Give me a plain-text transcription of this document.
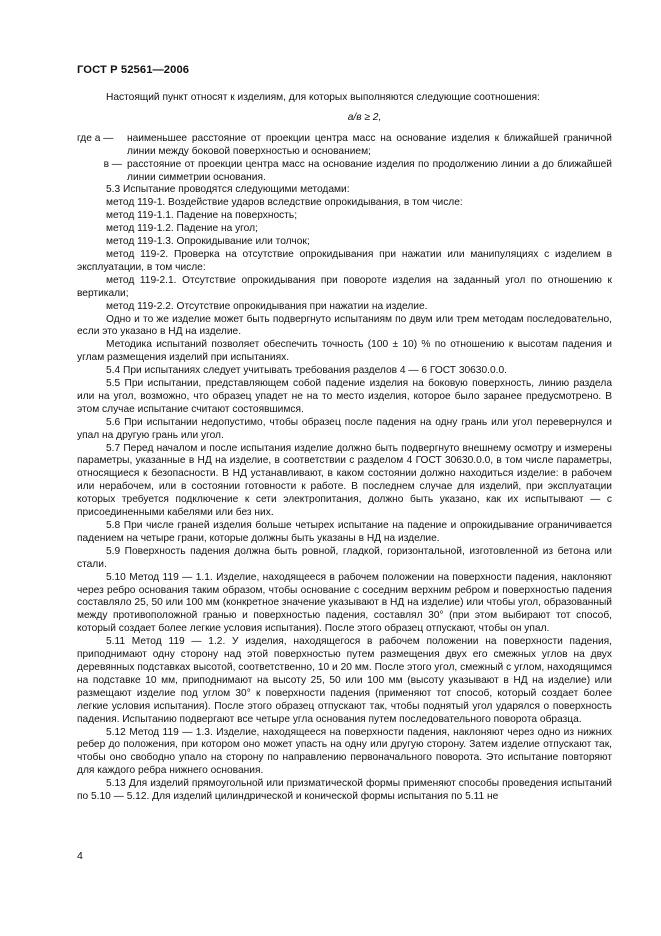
ГОСТ Р 52561—2006

Настоящий пункт относят к изделиям, для которых выполняются следующие соотношения:

a/в ≥ 2,

где а —	наименьшее расстояние от проекции центра масс на основание изделия к ближайшей граничной линии между боковой поверхностью и основанием;
в — расстояние от проекции центра масс на основание изделия по продолжению линии а до ближайшей линии симметрии основания.

5.3 Испытание проводятся следующими методами:

метод 119-1. Воздействие ударов вследствие опрокидывания, в том числе:

метод 119-1.1. Падение на поверхность;

метод 119-1.2. Падение на угол;

метод 119-1.3. Опрокидывание или толчок;

метод 119-2. Проверка на отсутствие опрокидывания при нажатии или манипуляциях с изделием в эксплуатации, в том числе:

метод 119-2.1. Отсутствие опрокидывания при повороте изделия на заданный угол по отношению к вертикали;

метод 119-2.2. Отсутствие опрокидывания при нажатии на изделие.

Одно и то же изделие может быть подвергнуто испытаниям по двум или трем методам последовательно, если это указано в НД на изделие.

Методика испытаний позволяет обеспечить точность (100 ± 10) % по отношению к высотам падения и углам размещения изделий при испытаниях.

5.4 При испытаниях следует учитывать требования разделов 4 — 6 ГОСТ 30630.0.0.

5.5 При испытании, представляющем собой падение изделия на боковую поверхность, линию раздела или на угол, возможно, что образец упадет не на то место изделия, которое было заранее предусмотрено. В этом случае испытание считают состоявшимся.

5.6 При испытании недопустимо, чтобы образец после падения на одну грань или угол перевернулся и упал на другую грань или угол.

5.7 Перед началом и после испытания изделие должно быть подвергнуто внешнему осмотру и измерены параметры, указанные в НД на изделие, в соответствии с разделом 4 ГОСТ 30630.0.0, в том числе параметры, относящиеся к безопасности. В НД устанавливают, в каком состоянии должно находиться изделие: в рабочем или нерабочем, или в состоянии готовности к работе. В последнем случае для изделий, при эксплуатации которых требуется подключение к сети электропитания, должно быть указано, как их испытывают — с присоединенными кабелями или без них.

5.8 При числе граней изделия больше четырех испытание на падение и опрокидывание ограничивается падением на четыре грани, которые должны быть указаны в НД на изделие.

5.9 Поверхность падения должна быть ровной, гладкой, горизонтальной, изготовленной из бетона или стали.

5.10 Метод 119 — 1.1. Изделие, находящееся в рабочем положении на поверхности падения, наклоняют через ребро основания таким образом, чтобы основание с соседним верхним ребром и поверхностью падения составляло 25, 50 или 100 мм (конкретное значение указывают в НД на изделие) или чтобы угол, образованный между противоположной гранью и поверхностью падения, составлял 30° (при этом выбирают тот способ, который создает более легкие условия испытания). После этого образец отпускают, чтобы он упал.

5.11 Метод 119 — 1.2. У изделия, находящегося в рабочем положении на поверхности падения, приподнимают одну сторону над этой поверхностью путем размещения двух его смежных углов на двух деревянных подставках высотой, соответственно, 10 и 20 мм. После этого угол, смежный с углом, находящимся на подставке 10 мм, приподнимают на высоту 25, 50 или 100 мм (высоту указывают в НД на изделие) или размещают изделие под углом 30° к поверхности падения (применяют тот способ, который создает более легкие условия испытания). После этого образец отпускают так, чтобы поднятый угол ударялся о поверхность падения. Испытанию подвергают все четыре угла основания путем последовательного поворота образца.

5.12 Метод 119 — 1.3. Изделие, находящееся на поверхности падения, наклоняют через одно из нижних ребер до положения, при котором оно может упасть на одну или другую сторону. Затем изделие отпускают так, чтобы оно свободно упало на сторону по направлению первоначального поворота. Это испытание повторяют для каждого ребра нижнего основания.

5.13 Для изделий прямоугольной или призматической формы применяют способы проведения испытаний по 5.10 — 5.12. Для изделий цилиндрической и конической формы испытания по 5.11 не

4
